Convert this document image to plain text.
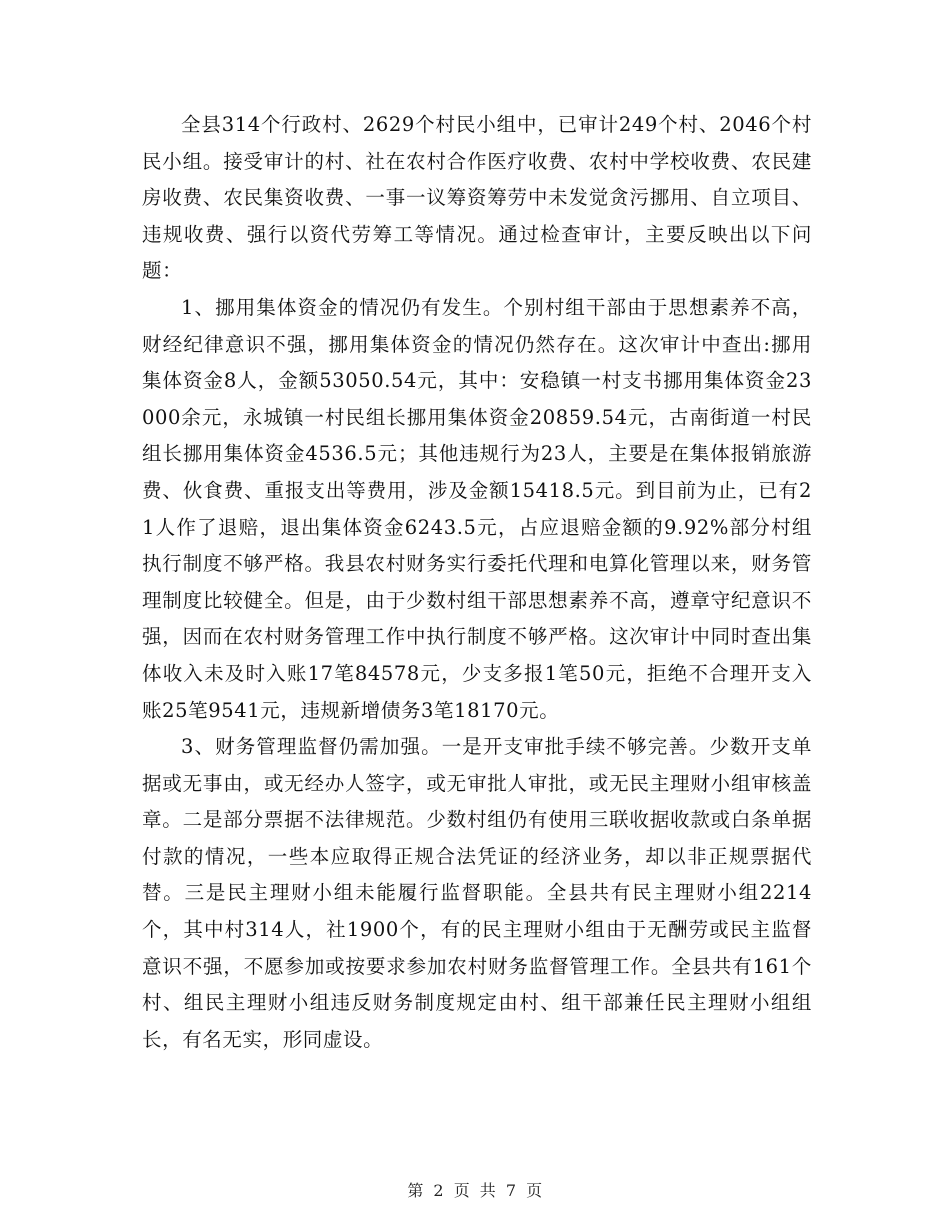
全县314个行政村、2629个村民小组中，已审计249个村、2046个村民小组。接受审计的村、社在农村合作医疗收费、农村中学校收费、农民建房收费、农民集资收费、一事一议筹资筹劳中未发觉贪污挪用、自立项目、违规收费、强行以资代劳筹工等情况。通过检查审计，主要反映出以下问题：

1、挪用集体资金的情况仍有发生。个别村组干部由于思想素养不高，财经纪律意识不强，挪用集体资金的情况仍然存在。这次审计中查出:挪用集体资金8人，金额53050.54元，其中：安稳镇一村支书挪用集体资金23000余元，永城镇一村民组长挪用集体资金20859.54元，古南街道一村民组长挪用集体资金4536.5元；其他违规行为23人，主要是在集体报销旅游费、伙食费、重报支出等费用，涉及金额15418.5元。到目前为止，已有21人作了退赔，退出集体资金6243.5元，占应退赔金额的9.92%部分村组执行制度不够严格。我县农村财务实行委托代理和电算化管理以来，财务管理制度比较健全。但是，由于少数村组干部思想素养不高，遵章守纪意识不强，因而在农村财务管理工作中执行制度不够严格。这次审计中同时查出集体收入未及时入账17笔84578元，少支多报1笔50元，拒绝不合理开支入账25笔9541元，违规新增债务3笔18170元。

3、财务管理监督仍需加强。一是开支审批手续不够完善。少数开支单据或无事由，或无经办人签字，或无审批人审批，或无民主理财小组审核盖章。二是部分票据不法律规范。少数村组仍有使用三联收据收款或白条单据付款的情况，一些本应取得正规合法凭证的经济业务，却以非正规票据代替。三是民主理财小组未能履行监督职能。全县共有民主理财小组2214个，其中村314人，社1900个，有的民主理财小组由于无酬劳或民主监督意识不强，不愿参加或按要求参加农村财务监督管理工作。全县共有161个村、组民主理财小组违反财务制度规定由村、组干部兼任民主理财小组组长，有名无实，形同虚设。

第 2 页 共 7 页
